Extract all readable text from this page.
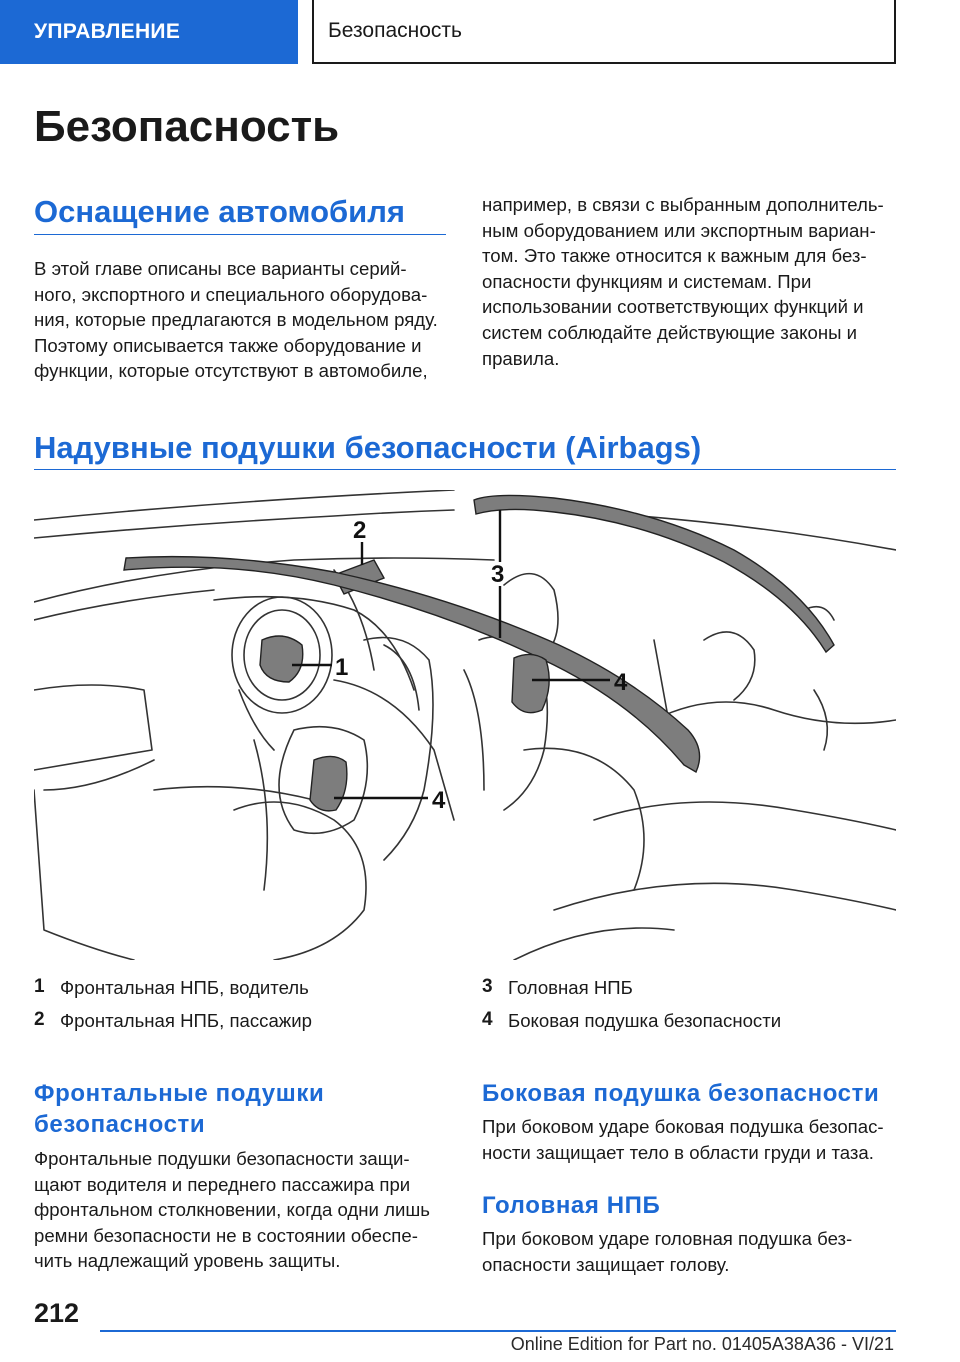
УПРАВЛЕНИЕ	Безопасность
Безопасность
Оснащение автомобиля
В этой главе описаны все варианты серий-
ного, экспортного и специального оборудова-
ния, которые предлагаются в модельном ряду.
Поэтому описывается также оборудование и
функции, которые отсутствуют в автомобиле,
например, в связи с выбранным дополнитель-
ным оборудованием или экспортным вариан-
том. Это также относится к важным для без-
опасности функциям и системам. При
использовании соответствующих функций и
систем соблюдайте действующие законы и
правила.
Надувные подушки безопасности (Airbags)
2
1
3
4
4
1 Фронтальная НПБ, водитель
2 Фронтальная НПБ, пассажир
3 Головная НПБ
4 Боковая подушка безопасности
Фронтальные подушки
безопасности
Фронтальные подушки безопасности защи-
щают водителя и переднего пассажира при
фронтальном столкновении, когда одни лишь
ремни безопасности не в состоянии обеспе-
чить надлежащий уровень защиты.
Боковая подушка безопасности
При боковом ударе боковая подушка безопас-
ности защищает тело в области груди и таза.
Головная НПБ
При боковом ударе головная подушка без-
опасности защищает голову.
212
Online Edition for Part no. 01405A38A36 - VI/21
